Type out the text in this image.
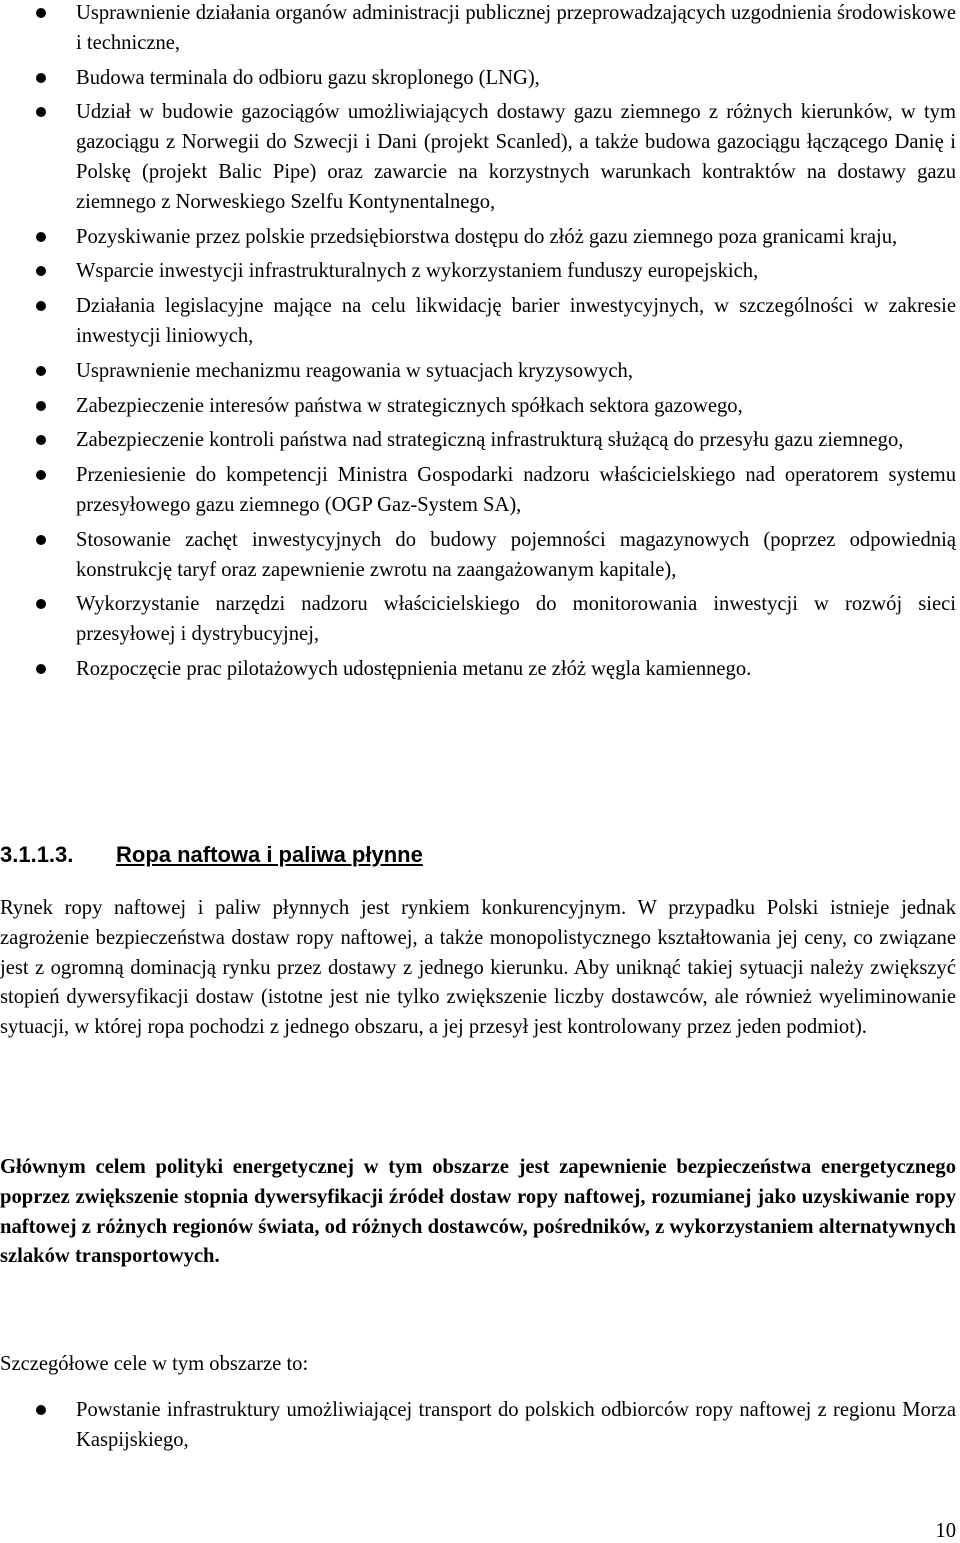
Usprawnienie działania organów administracji publicznej przeprowadzających uzgodnienia środowiskowe i techniczne,
Budowa terminala do odbioru gazu skroplonego (LNG),
Udział w budowie gazociągów umożliwiających dostawy gazu ziemnego z różnych kierunków, w tym gazociągu z Norwegii do Szwecji i Dani (projekt Scanled), a także budowa gazociągu łączącego Danię i Polskę (projekt Balic Pipe) oraz zawarcie na korzystnych warunkach kontraktów na dostawy gazu ziemnego z Norweskiego Szelfu Kontynentalnego,
Pozyskiwanie przez polskie przedsiębiorstwa dostępu do złóż gazu ziemnego poza granicami kraju,
Wsparcie inwestycji infrastrukturalnych z wykorzystaniem funduszy europejskich,
Działania legislacyjne mające na celu likwidację barier inwestycyjnych, w szczególności w zakresie inwestycji liniowych,
Usprawnienie mechanizmu reagowania w sytuacjach kryzysowych,
Zabezpieczenie interesów państwa w strategicznych spółkach sektora gazowego,
Zabezpieczenie kontroli państwa nad strategiczną infrastrukturą służącą do przesyłu gazu ziemnego,
Przeniesienie do kompetencji Ministra Gospodarki nadzoru właścicielskiego nad operatorem systemu przesyłowego gazu ziemnego (OGP Gaz-System SA),
Stosowanie zachęt inwestycyjnych do budowy pojemności magazynowych (poprzez odpowiednią konstrukcję taryf oraz zapewnienie zwrotu na zaangażowanym kapitale),
Wykorzystanie narzędzi nadzoru właścicielskiego do monitorowania inwestycji w rozwój sieci przesyłowej i dystrybucyjnej,
Rozpoczęcie prac pilotażowych udostępnienia metanu ze złóż węgla kamiennego.
3.1.1.3. Ropa naftowa i paliwa płynne

Rynek ropy naftowej i paliw płynnych jest rynkiem konkurencyjnym. W przypadku Polski istnieje jednak zagrożenie bezpieczeństwa dostaw ropy naftowej, a także monopolistycznego kształtowania jej ceny, co związane jest z ogromną dominacją rynku przez dostawy z jednego kierunku. Aby uniknąć takiej sytuacji należy zwiększyć stopień dywersyfikacji dostaw (istotne jest nie tylko zwiększenie liczby dostawców, ale również wyeliminowanie sytuacji, w której ropa pochodzi z jednego obszaru, a jej przesył jest kontrolowany przez jeden podmiot).

Głównym celem polityki energetycznej w tym obszarze jest zapewnienie bezpieczeństwa energetycznego poprzez zwiększenie stopnia dywersyfikacji źródeł dostaw ropy naftowej, rozumianej jako uzyskiwanie ropy naftowej z różnych regionów świata, od różnych dostawców, pośredników, z wykorzystaniem alternatywnych szlaków transportowych.

Szczegółowe cele w tym obszarze to:

Powstanie infrastruktury umożliwiającej transport do polskich odbiorców ropy naftowej z regionu Morza Kaspijskiego,
10
